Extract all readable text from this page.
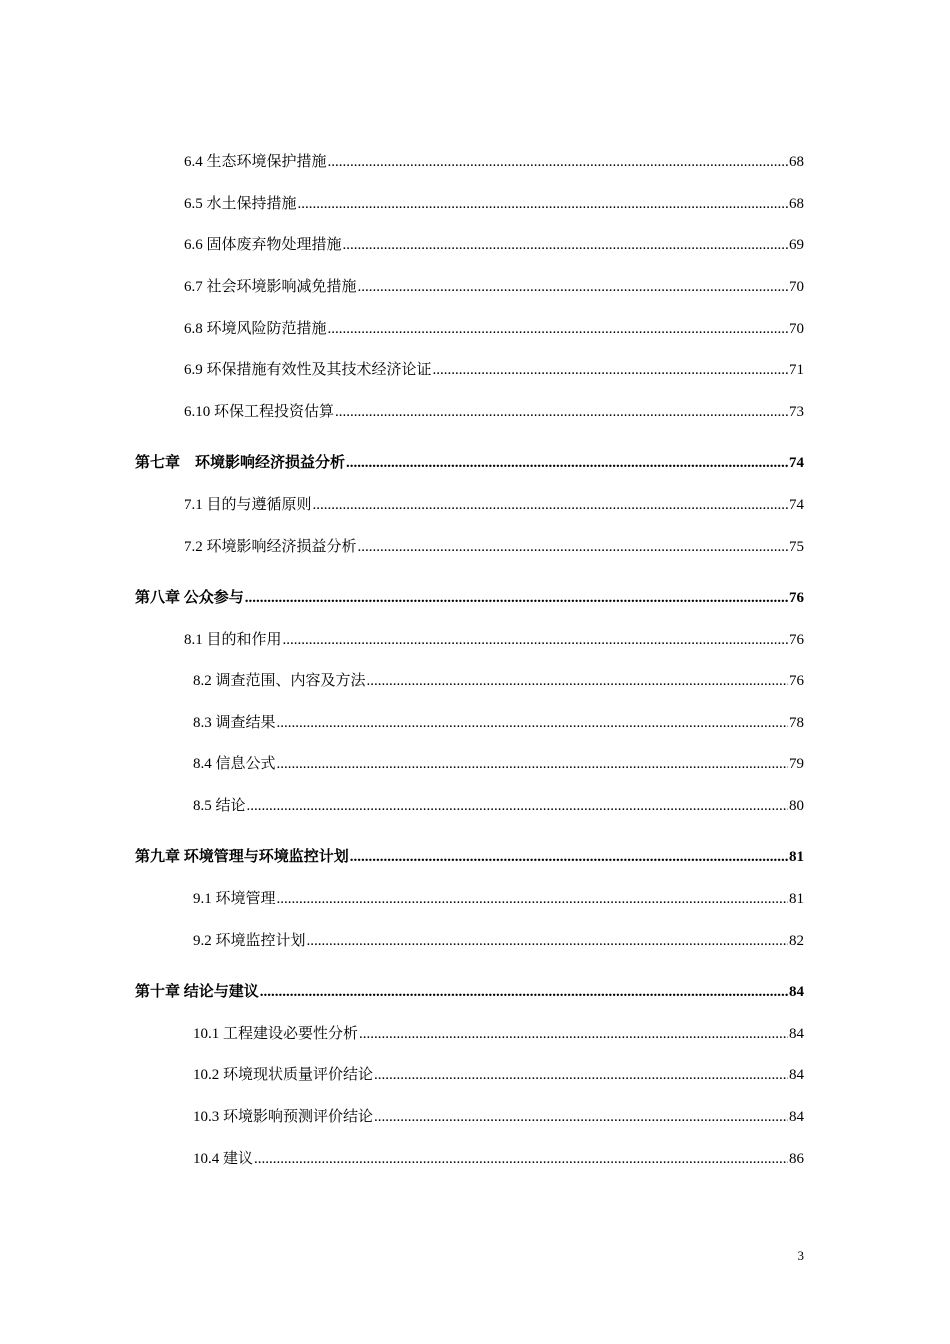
6.4 生态环境保护措施 .....	68
6.5 水土保持措施 .....	68
6.6 固体废弃物处理措施 .....	69
6.7 社会环境影响减免措施 .....	70
6.8 环境风险防范措施 .....	70
6.9 环保措施有效性及其技术经济论证 .....	71
6.10 环保工程投资估算 .....	73
第七章　环境影响经济损益分析 .....	74
7.1 目的与遵循原则 .....	74
7.2 环境影响经济损益分析 .....	75
第八章 公众参与 .....	76
8.1 目的和作用 .....	76
8.2 调查范围、内容及方法 .....	76
8.3 调查结果 .....	78
8.4 信息公式 .....	79
8.5 结论 .....	80
第九章 环境管理与环境监控计划 .....	81
9.1 环境管理 .....	81
9.2 环境监控计划 .....	82
第十章 结论与建议 .....	84
10.1 工程建设必要性分析 .....	84
10.2 环境现状质量评价结论 .....	84
10.3 环境影响预测评价结论 .....	84
10.4 建议 .....	86
3
